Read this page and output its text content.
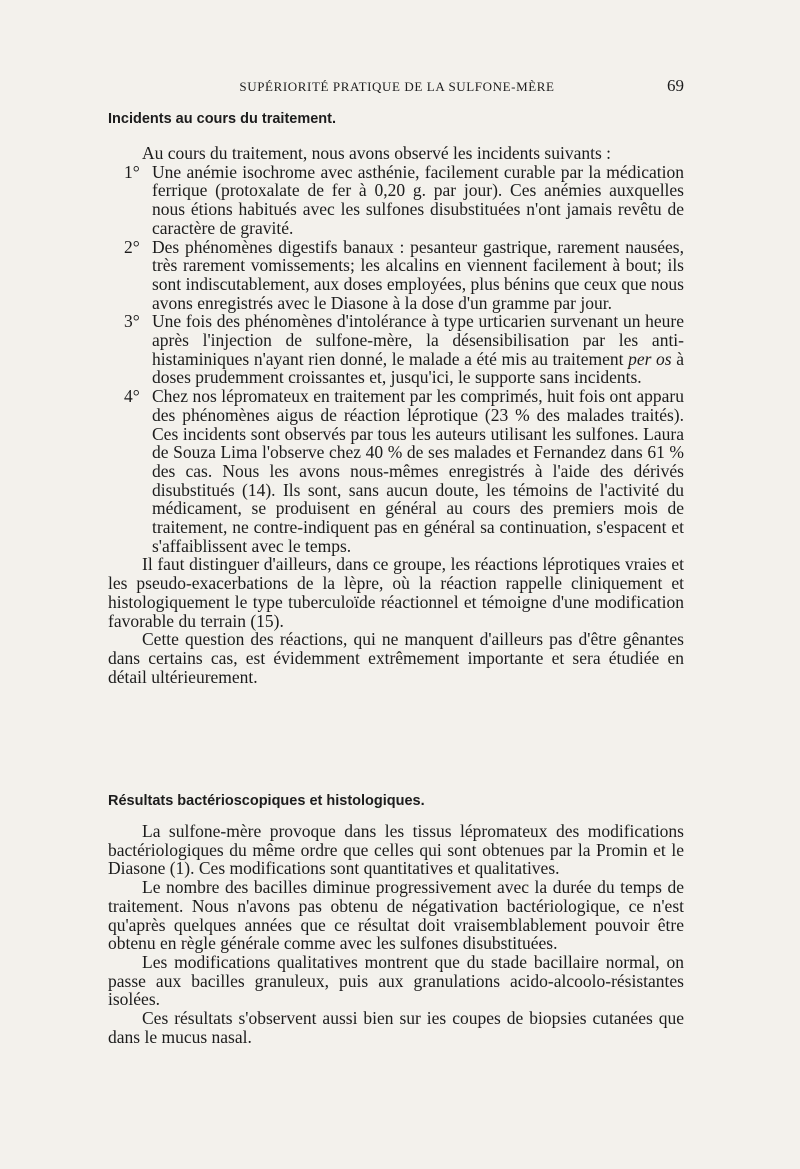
SUPÉRIORITÉ PRATIQUE DE LA SULFONE-MÈRE	69
Incidents au cours du traitement.

Au cours du traitement, nous avons observé les incidents suivants :

1° Une anémie isochrome avec asthénie, facilement curable par la médication ferrique (protoxalate de fer à 0,20 g. par jour). Ces anémies auxquelles nous étions habitués avec les sulfones disubstituées n'ont jamais revêtu de caractère de gravité.
2° Des phénomènes digestifs banaux : pesanteur gastrique, rarement nausées, très rarement vomissements; les alcalins en viennent facilement à bout; ils sont indiscutablement, aux doses employées, plus bénins que ceux que nous avons enregistrés avec le Diasone à la dose d'un gramme par jour.
3° Une fois des phénomènes d'intolérance à type urticarien survenant un heure après l'injection de sulfone-mère, la désensibilisation par les anti-histaminiques n'ayant rien donné, le malade a été mis au traitement per os à doses prudemment croissantes et, jusqu'ici, le supporte sans incidents.
4° Chez nos lépromateux en traitement par les comprimés, huit fois ont apparu des phénomènes aigus de réaction léprotique (23 % des malades traités). Ces incidents sont observés par tous les auteurs utilisant les sulfones. Laura de Souza Lima l'observe chez 40 % de ses malades et Fernandez dans 61 % des cas. Nous les avons nous-mêmes enregistrés à l'aide des dérivés disubstitués (14). Ils sont, sans aucun doute, les témoins de l'activité du médicament, se produisent en général au cours des premiers mois de traitement, ne contre-indiquent pas en général sa continuation, s'espacent et s'affaiblissent avec le temps.

Il faut distinguer d'ailleurs, dans ce groupe, les réactions léprotiques vraies et les pseudo-exacerbations de la lèpre, où la réaction rappelle cliniquement et histologiquement le type tuberculoïde réactionnel et témoigne d'une modification favorable du terrain (15).

Cette question des réactions, qui ne manquent d'ailleurs pas d'être gênantes dans certains cas, est évidemment extrêmement importante et sera étudiée en détail ultérieurement.

Résultats bactérioscopiques et histologiques.

La sulfone-mère provoque dans les tissus lépromateux des modifications bactériologiques du même ordre que celles qui sont obtenues par la Promin et le Diasone (1). Ces modifications sont quantitatives et qualitatives.

Le nombre des bacilles diminue progressivement avec la durée du temps de traitement. Nous n'avons pas obtenu de négativation bactériologique, ce n'est qu'après quelques années que ce résultat doit vraisemblablement pouvoir être obtenu en règle générale comme avec les sulfones disubstituées.

Les modifications qualitatives montrent que du stade bacillaire normal, on passe aux bacilles granuleux, puis aux granulations acido-alcoolo-résistantes isolées.

Ces résultats s'observent aussi bien sur ies coupes de biopsies cutanées que dans le mucus nasal.
